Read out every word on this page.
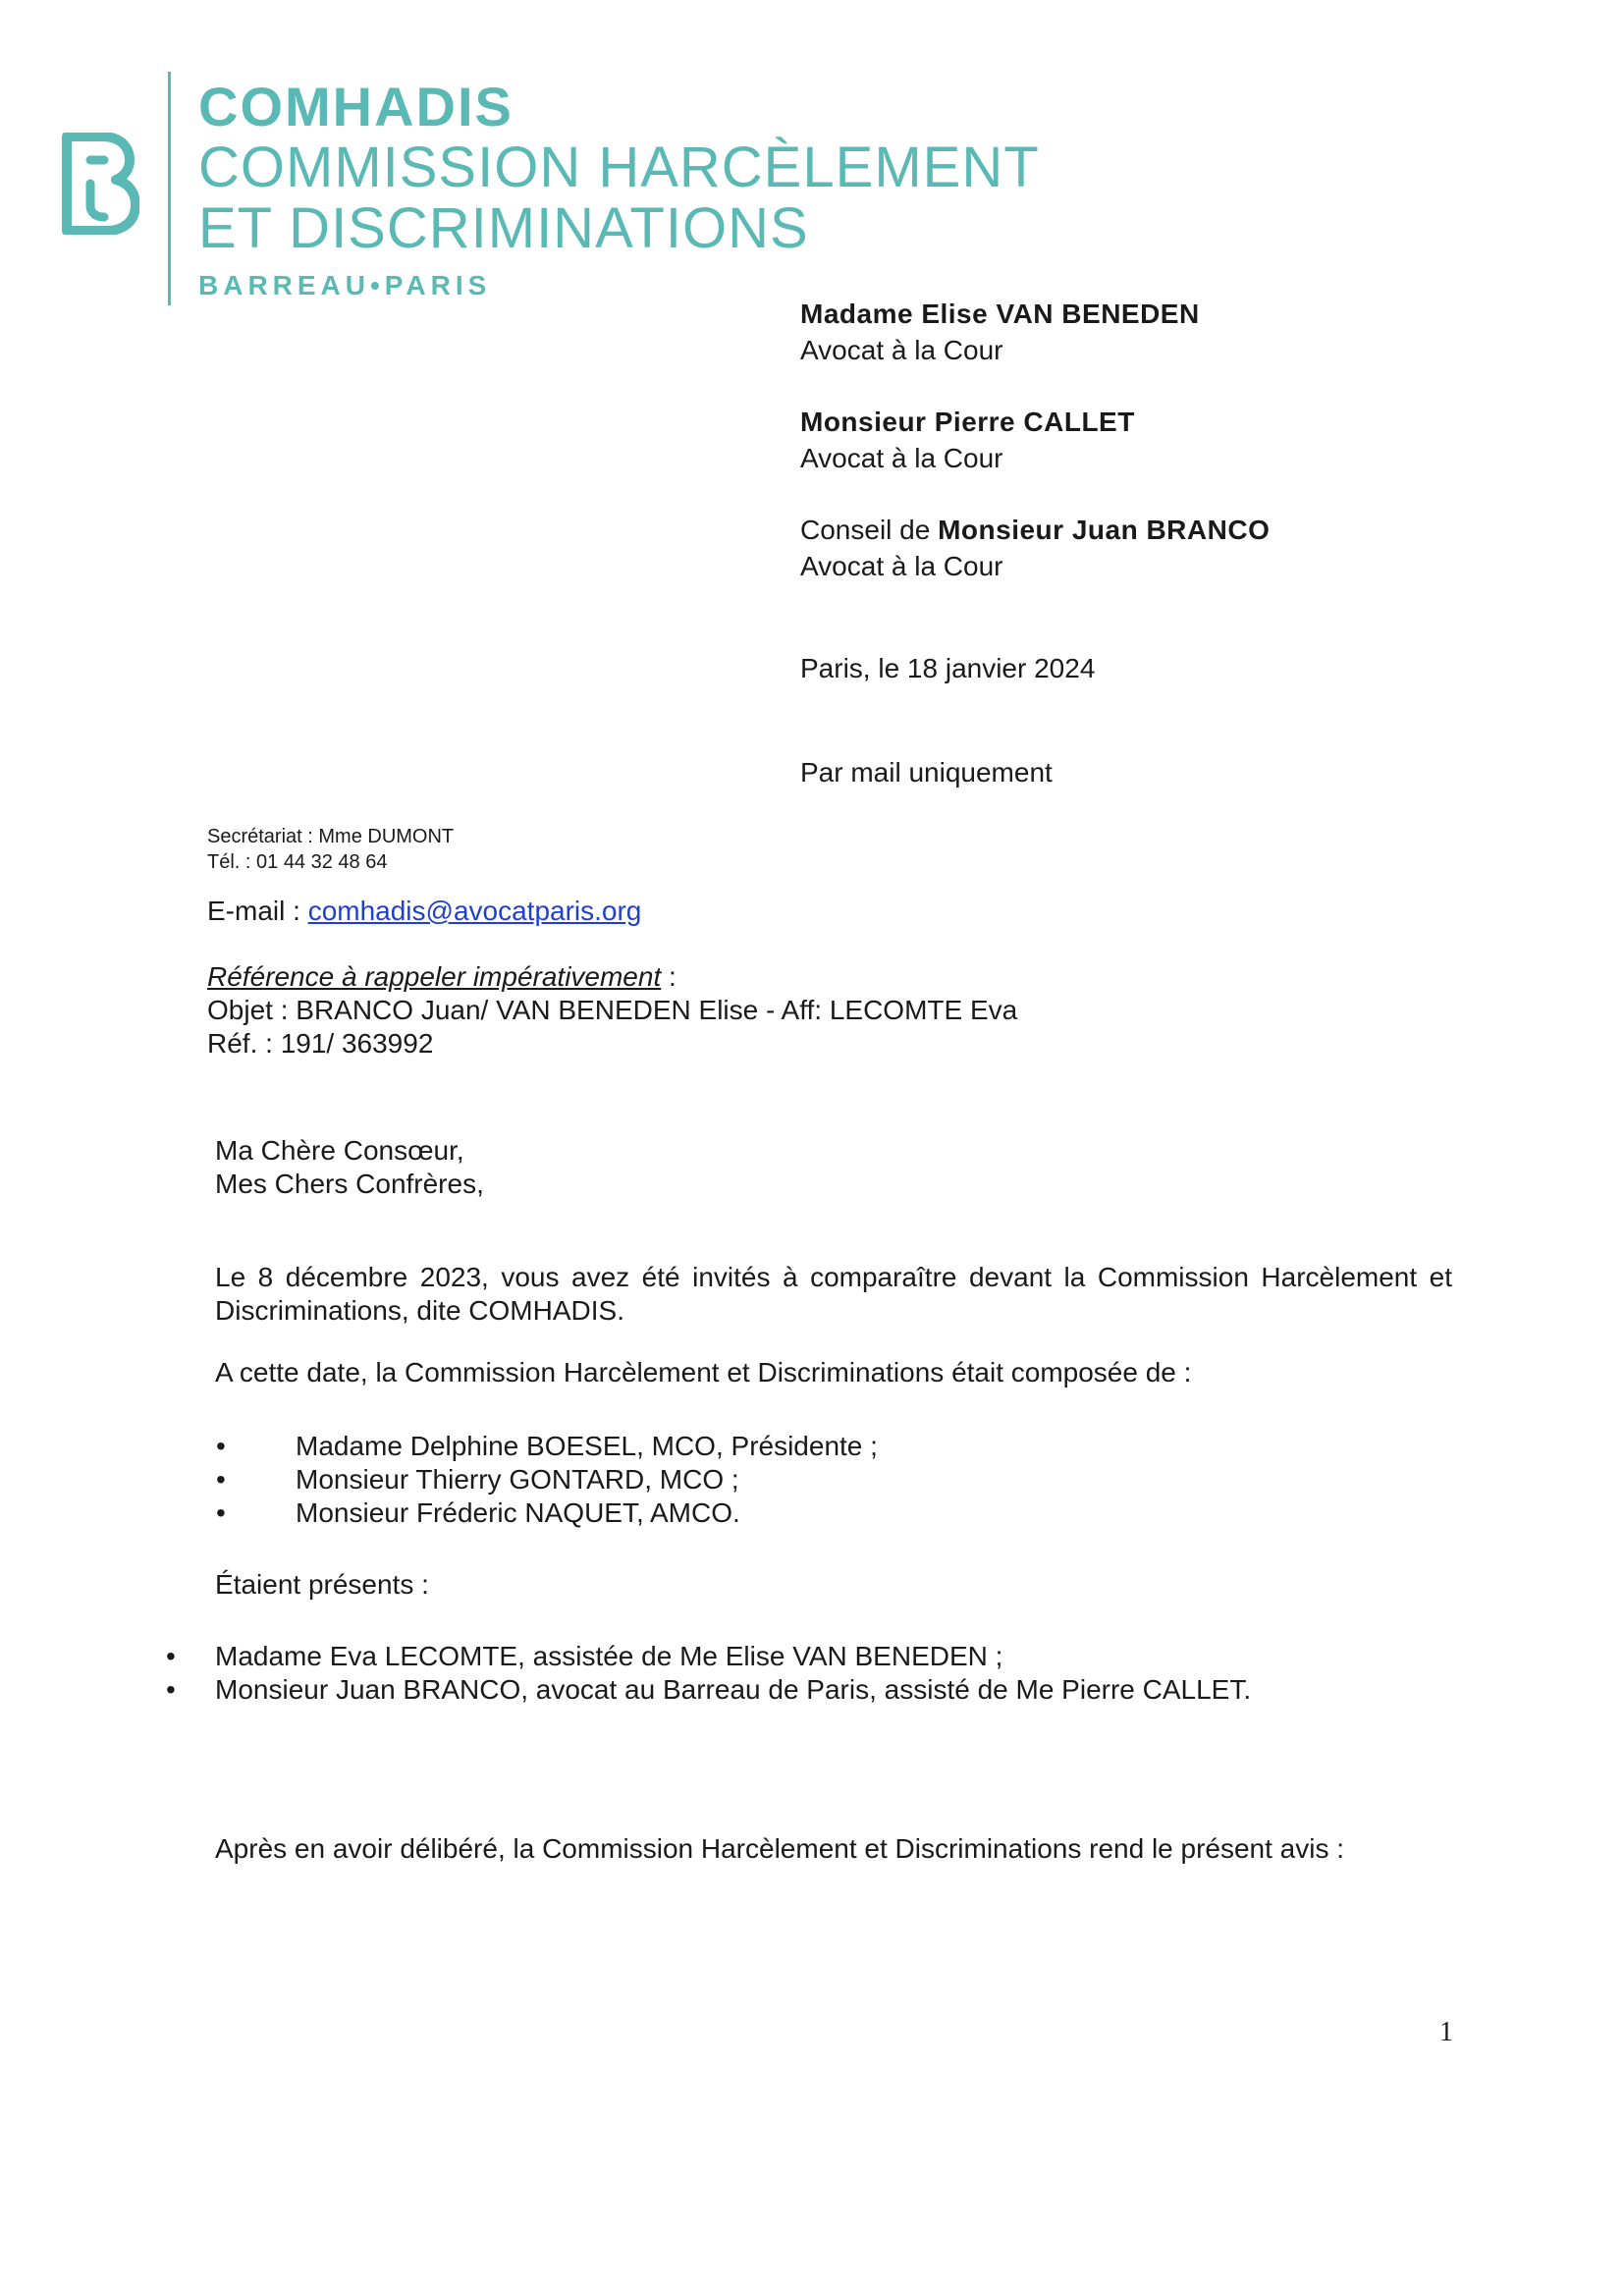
COMHADIS
COMMISSION HARCÈLEMENT
ET DISCRIMINATIONS
BARREAU•PARIS
Madame Elise VAN BENEDEN
Avocat à la Cour
Monsieur Pierre CALLET
Avocat à la Cour
Conseil de Monsieur Juan BRANCO
Avocat à la Cour
Paris, le 18 janvier 2024
Par mail uniquement
Secrétariat : Mme DUMONT
Tél. : 01 44 32 48 64
E-mail : comhadis@avocatparis.org
Référence à rappeler impérativement :
Objet : BRANCO Juan/ VAN BENEDEN Elise - Aff: LECOMTE Eva
Réf. : 191/ 363992
Ma Chère Consœur,
Mes Chers Confrères,
Le 8 décembre 2023, vous avez été invités à comparaître devant la Commission Harcèlement et Discriminations, dite COMHADIS.
A cette date, la Commission Harcèlement et Discriminations était composée de :
•	Madame Delphine BOESEL, MCO, Présidente ;
•	Monsieur Thierry GONTARD, MCO ;
•	Monsieur Fréderic NAQUET, AMCO.
Étaient présents :
• Madame Eva LECOMTE, assistée de Me Elise VAN BENEDEN ;
• Monsieur Juan BRANCO, avocat au Barreau de Paris, assisté de Me Pierre CALLET.
Après en avoir délibéré, la Commission Harcèlement et Discriminations rend le présent avis :
1
